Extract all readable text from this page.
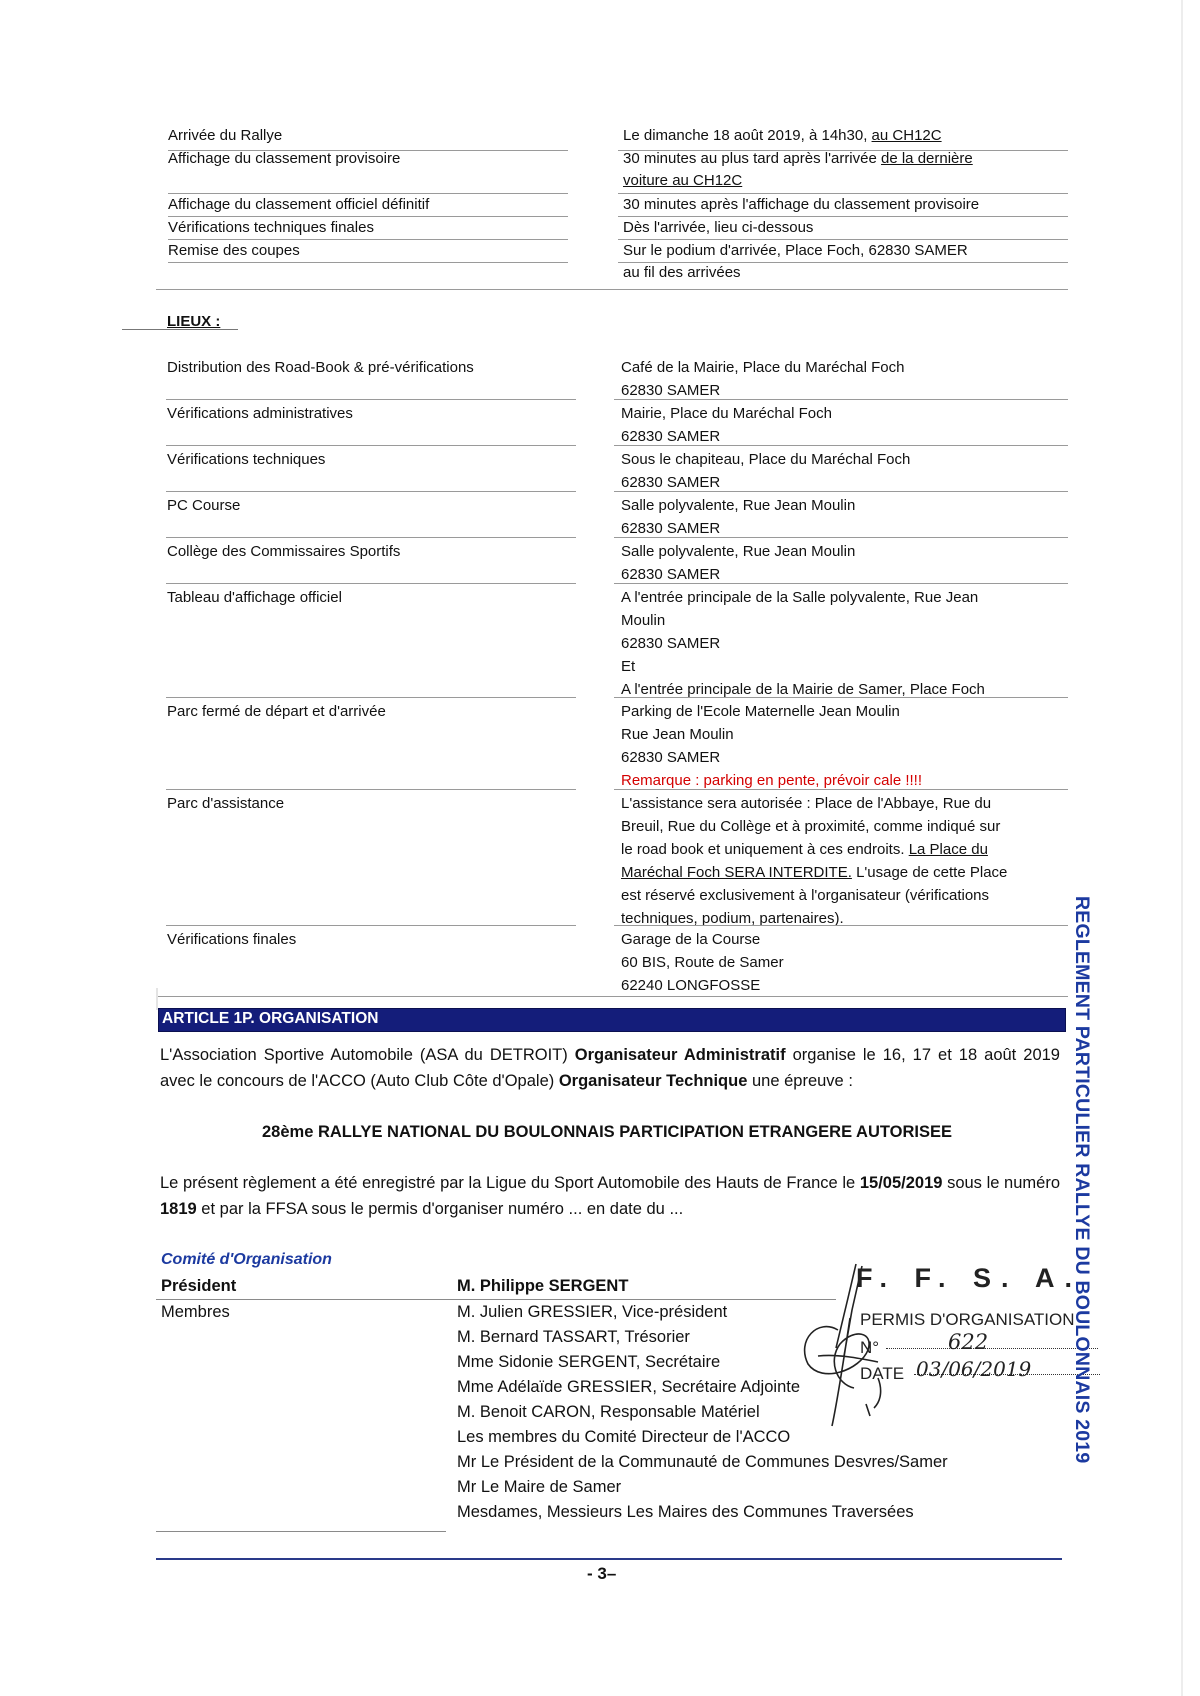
Arrivée du Rallye	Le dimanche 18 août 2019, à 14h30, au CH12C
Affichage du classement provisoire	30 minutes au plus tard après l'arrivée de la dernière
voiture au CH12C
Affichage du classement officiel définitif	30 minutes après l'affichage du classement provisoire
Vérifications techniques finales	Dès l'arrivée, lieu ci-dessous
Remise des coupes	Sur le podium d'arrivée, Place Foch, 62830 SAMER
au fil des arrivées
LIEUX :
Distribution des Road-Book & pré-vérifications	Café de la Mairie, Place du Maréchal Foch
62830 SAMER
Vérifications administratives	Mairie, Place du Maréchal Foch
62830 SAMER
Vérifications techniques	Sous le chapiteau, Place du Maréchal Foch
62830 SAMER
PC Course	Salle polyvalente, Rue Jean Moulin
62830 SAMER
Collège des Commissaires Sportifs	Salle polyvalente, Rue Jean Moulin
62830 SAMER
Tableau d'affichage officiel	A l'entrée principale de la Salle polyvalente, Rue Jean
Moulin
62830 SAMER
Et
A l'entrée principale de la Mairie de Samer, Place Foch
Parc fermé de départ et d'arrivée	Parking de l'Ecole Maternelle Jean Moulin
Rue Jean Moulin
62830 SAMER
Remarque : parking en pente, prévoir cale !!!!
Parc d'assistance	L'assistance sera autorisée : Place de l'Abbaye, Rue du
Breuil, Rue du Collège et à proximité, comme indiqué sur
le road book et uniquement à ces endroits. La Place du
Maréchal Foch SERA INTERDITE. L'usage de cette Place
est réservé exclusivement à l'organisateur (vérifications
techniques, podium, partenaires).
Vérifications finales	Garage de la Course
60 BIS, Route de Samer
62240 LONGFOSSE
ARTICLE 1P. ORGANISATION
L'Association Sportive Automobile (ASA du DETROIT) Organisateur Administratif organise le 16, 17 et 18 août 2019 avec le concours de l'ACCO (Auto Club Côte d'Opale) Organisateur Technique une épreuve :
28ème RALLYE NATIONAL DU BOULONNAIS PARTICIPATION ETRANGERE AUTORISEE
Le présent règlement a été enregistré par la Ligue du Sport Automobile des Hauts de France le 15/05/2019 sous le numéro 1819 et par la FFSA sous le permis d'organiser numéro ... en date du ...
Comité d'Organisation
Président	M. Philippe SERGENT
Membres	M. Julien GRESSIER, Vice-président
M. Bernard TASSART, Trésorier
Mme Sidonie SERGENT, Secrétaire
Mme Adélaïde GRESSIER, Secrétaire Adjointe
M. Benoit CARON, Responsable Matériel
Les membres du Comité Directeur de l'ACCO
Mr Le Président de la Communauté de Communes Desvres/Samer
Mr Le Maire de Samer
Mesdames, Messieurs Les Maires des Communes Traversées
F. F. S. A.
PERMIS D'ORGANISATION
N°	622
DATE 03/06/2019
- 3–
REGLEMENT PARTICULIER RALLYE DU BOULONNAIS 2019
